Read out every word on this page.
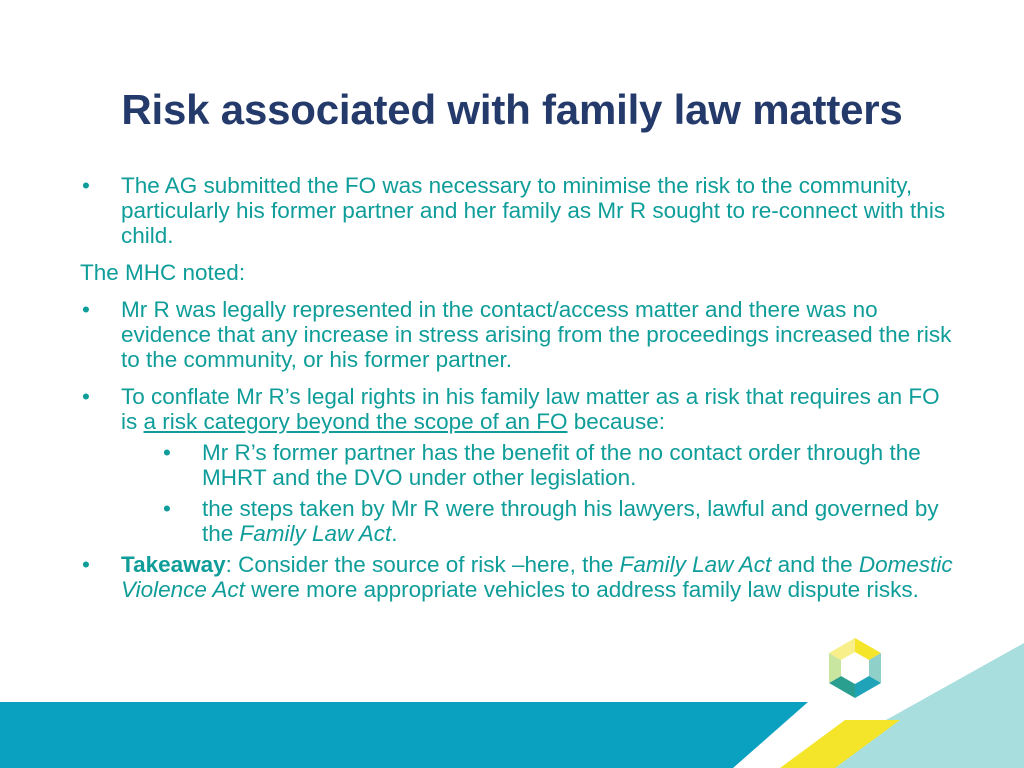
Risk associated with family law matters
• The AG submitted the FO was necessary to minimise the risk to the community, particularly his former partner and her family as Mr R sought to re-connect with this child.
The MHC noted:
• Mr R was legally represented in the contact/access matter and there was no evidence that any increase in stress arising from the proceedings increased the risk to the community, or his former partner.
• To conflate Mr R’s legal rights in his family law matter as a risk that requires an FO is a risk category beyond the scope of an FO because:
• Mr R’s former partner has the benefit of the no contact order through the MHRT and the DVO under other legislation.
• the steps taken by Mr R were through his lawyers, lawful and governed by the Family Law Act.
• Takeaway: Consider the source of risk –here, the Family Law Act and the Domestic Violence Act were more appropriate vehicles to address family law dispute risks.
